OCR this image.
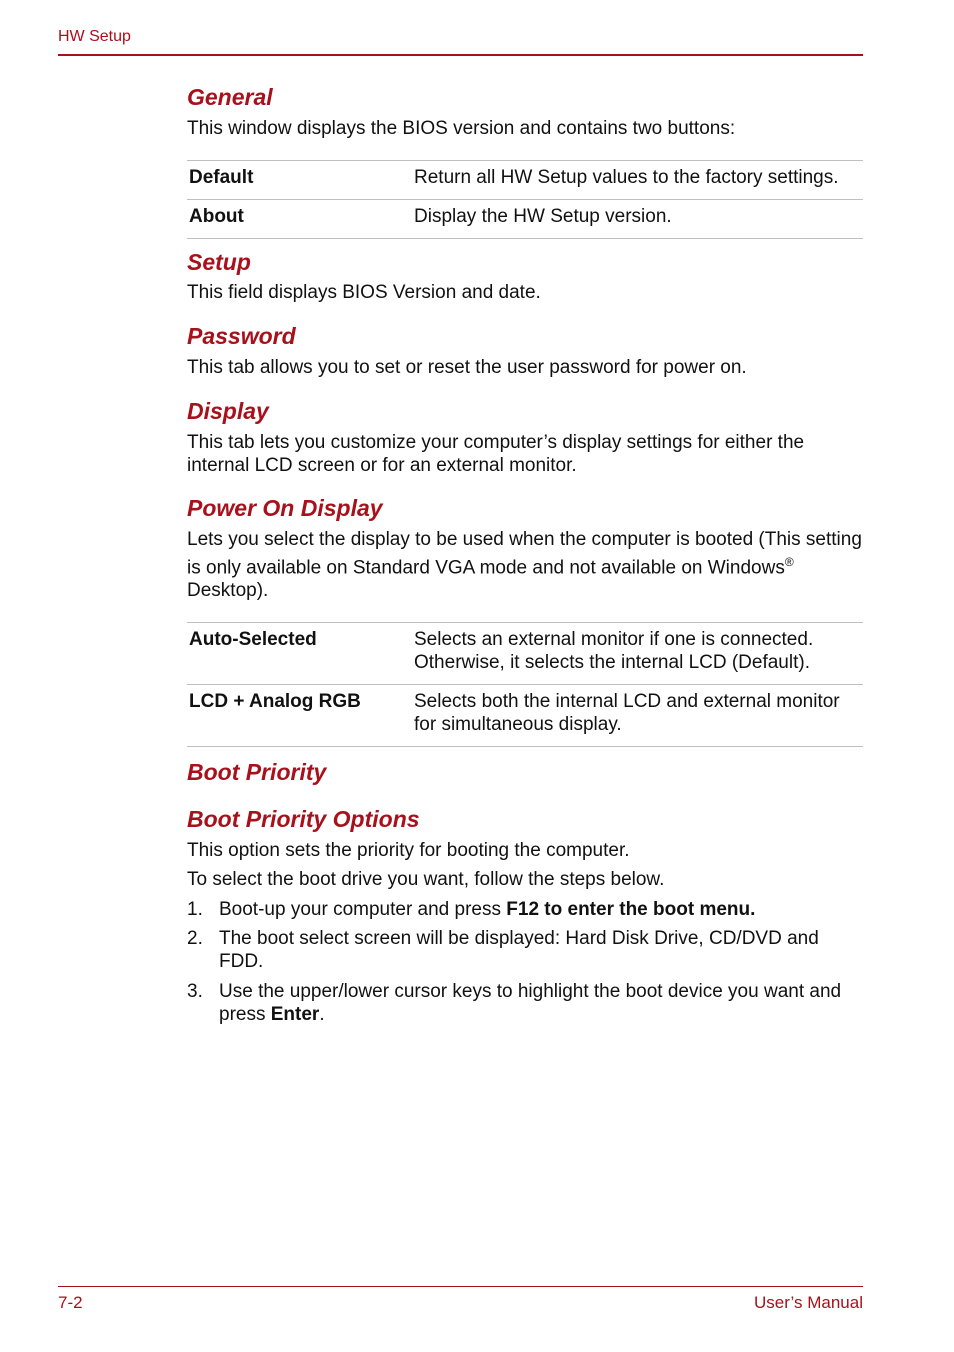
HW Setup
General

This window displays the BIOS version and contains two buttons:

Default	Return all HW Setup values to the factory settings.
About	Display the HW Setup version.
Setup

This field displays BIOS Version and date.

Password

This tab allows you to set or reset the user password for power on.

Display

This tab lets you customize your computer’s display settings for either the internal LCD screen or for an external monitor.

Power On Display

Lets you select the display to be used when the computer is booted (This setting is only available on Standard VGA mode and not available on Windows® Desktop).

Auto-Selected	Selects an external monitor if one is connected. Otherwise, it selects the internal LCD (Default).
LCD + Analog RGB	Selects both the internal LCD and external monitor for simultaneous display.
Boot Priority
Boot Priority Options

This option sets the priority for booting the computer.

To select the boot drive you want, follow the steps below.

1. Boot-up your computer and press F12 to enter the boot menu.
2. The boot select screen will be displayed: Hard Disk Drive, CD/DVD and FDD.
3. Use the upper/lower cursor keys to highlight the boot device you want and press Enter.
7-2	User’s Manual
